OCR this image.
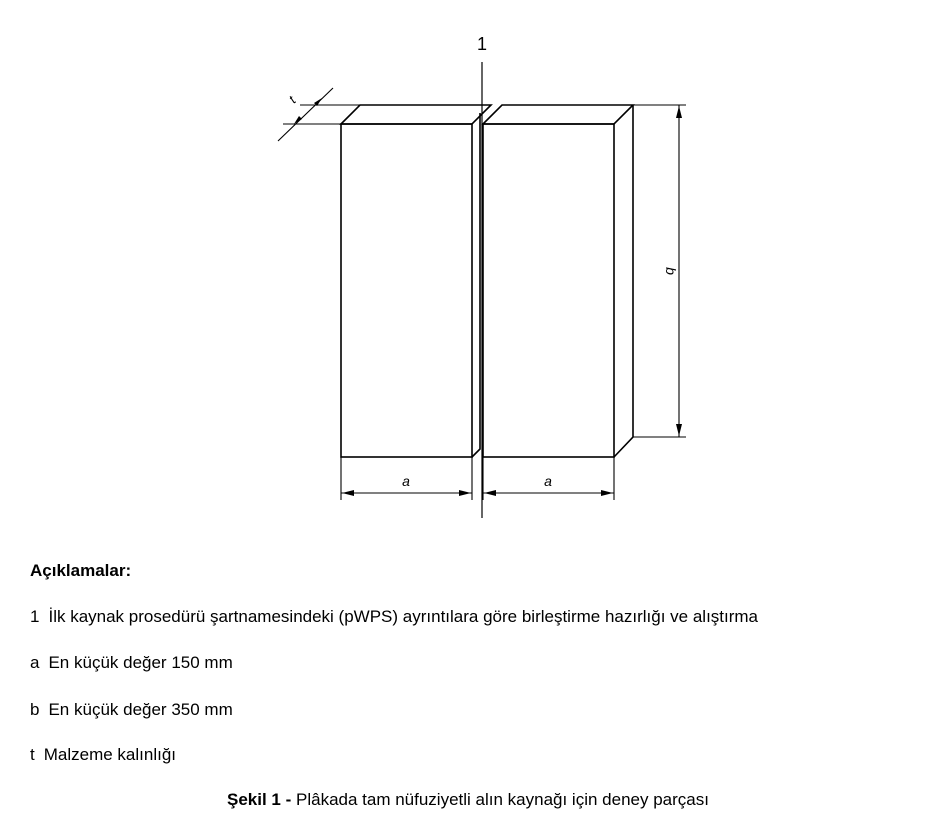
1
t
b
a	a

Açıklamalar:

1 İlk kaynak prosedürü şartnamesindeki (pWPS) ayrıntılara göre birleştirme hazırlığı ve alıştırma

a En küçük değer 150 mm

b En küçük değer 350 mm

t Malzeme kalınlığı

Şekil 1 - Plâkada tam nüfuziyetli alın kaynağı için deney parçası
